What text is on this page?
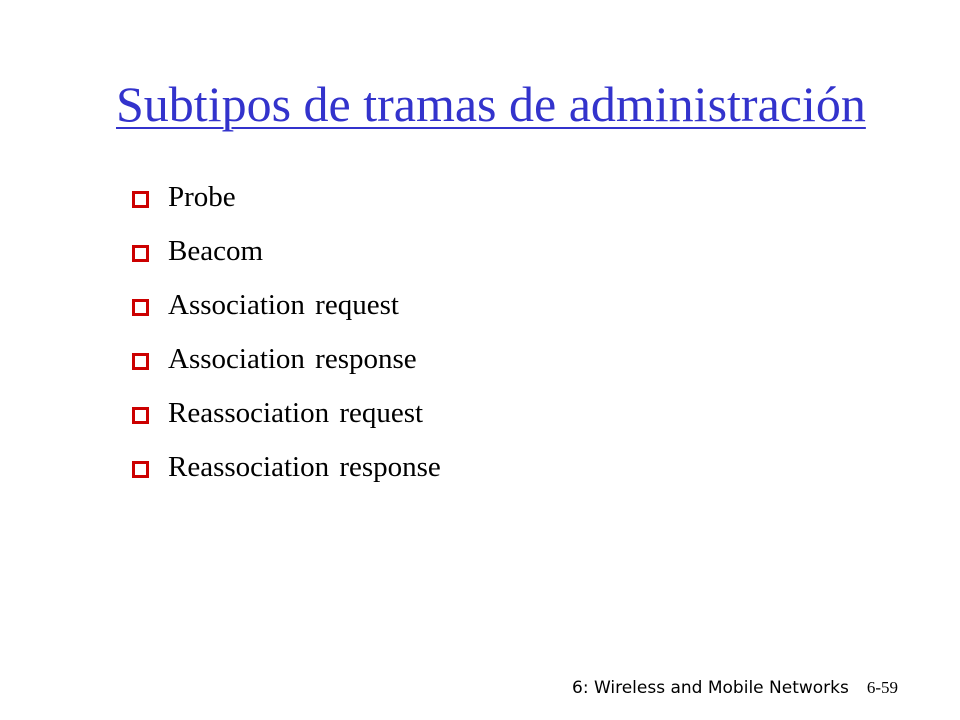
Subtipos de tramas de administración
Probe
Beacom
Association request
Association response
Reassociation request
Reassociation response
6: Wireless and Mobile Networks 6-59
